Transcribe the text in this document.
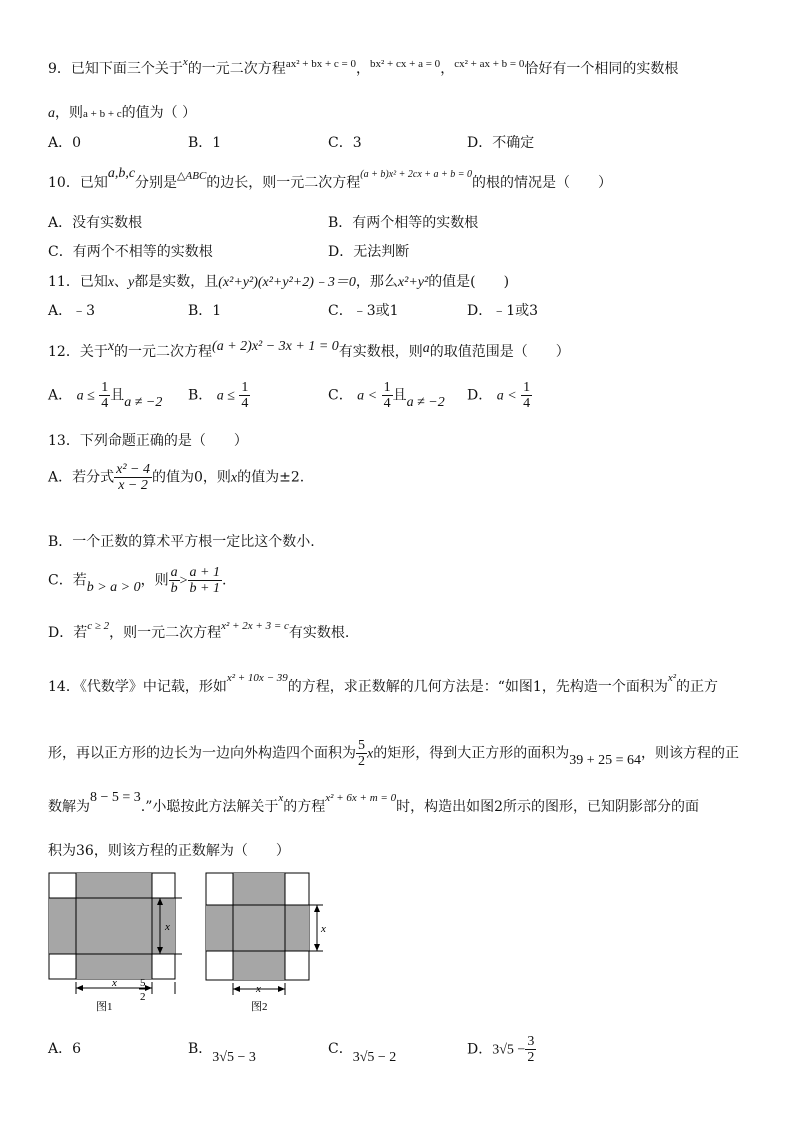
9．已知下面三个关于$^x$的一元二次方程$^{ax^2 + bx + c = 0}$，$^{bx^2 + cx + a = 0}$，$^{cx^2 + ax + b = 0}$恰好有一个相同的实数根
a，则a + b + c的值为（ ）
A．0	B．1	C．3	D．不确定
10．已知a,b,c分别是$^{\triangle ABC}$的边长，则一元二次方程$^{(a + b)x^2 + 2cx + a + b = 0}$的根的情况是（　　）
A．没有实数根	B．有两个相等的实数根
C．有两个不相等的实数根	D．无法判断
11．已知x、y都是实数，且(x²+y²)(x²+y²+2)﹣3＝0，那么x²+y²的值是(　　)
A．﹣3	B．1	C．﹣3或1	D．﹣1或3
12．关于x的一元二次方程(a + 2)x² − 3x + 1 = 0有实数根，则a的取值范围是（　　）
A． $a \le \frac{1}{4}$ 且a ≠ −2 B． $a \le \frac{1}{4}$	C． $a < \frac{1}{4}$ 且a ≠ −2 D． $a < \frac{1}{4}$
13．下列命题正确的是（　　）
A．若分式 $\frac{\text{x² − 4}}{x - 2}$ 的值为0，则x的值为±2.
B．一个正数的算术平方根一定比这个数小.
C．若b > a > 0，则 $\frac{a}{b} > \frac{a + 1}{b + 1}$ .
D．若$^{c \ge 2}$，则一元二次方程$^{x^2 + 2x + 3 = c}$有实数根.
14．《代数学》中记载，形如$^{x^2 + 10x - 39}$的方程，求正数解的几何方法是：“如图1，先构造一个面积为$^{x^2}$的正方
形，再以正方形的边长为一边向外构造四个面积为 $\frac{5}{2}$ x的矩形，得到大正方形的面积为39 + 25 = 64，则该方程的正
数解为8 − 5 = 3.”小聪按此方法解关于$^x$的方程$^{x^2 + 6x + m = 0}$时，构造出如图2所示的图形，已知阴影部分的面
积为36，则该方程的正数解为（　　）
x
x 5
2
图1
x
x
图2
A．6	B．3√5 − 3
C．3√5 − 2	D．$3√5 - \frac{3}{2}$
